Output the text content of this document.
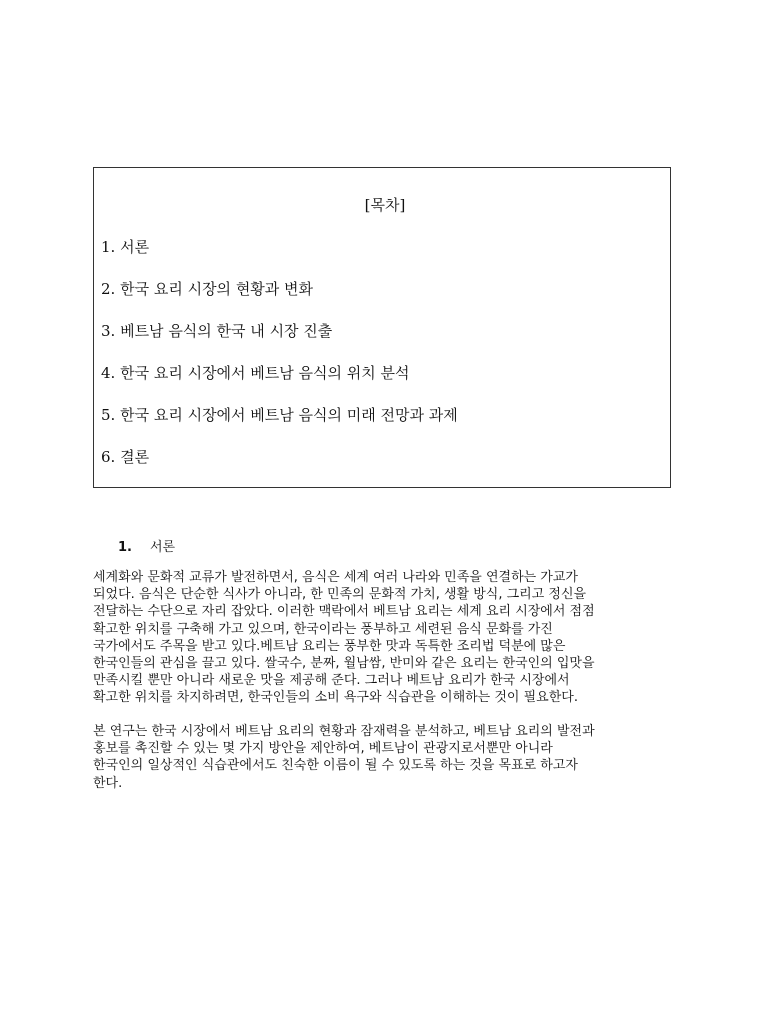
[목차]
1. 서론
2. 한국 요리 시장의 현황과 변화
3. 베트남 음식의 한국 내 시장 진출
4. 한국 요리 시장에서 베트남 음식의 위치 분석
5. 한국 요리 시장에서 베트남 음식의 미래 전망과 과제
6. 결론
1. 서론

세계화와 문화적 교류가 발전하면서, 음식은 세계 여러 나라와 민족을 연결하는 가교가
되었다. 음식은 단순한 식사가 아니라, 한 민족의 문화적 가치, 생활 방식, 그리고 정신을
전달하는 수단으로 자리 잡았다. 이러한 맥락에서 베트남 요리는 세계 요리 시장에서 점점
확고한 위치를 구축해 가고 있으며, 한국이라는 풍부하고 세련된 음식 문화를 가진
국가에서도 주목을 받고 있다.베트남 요리는 풍부한 맛과 독특한 조리법 덕분에 많은
한국인들의 관심을 끌고 있다. 쌀국수, 분짜, 월남쌈, 반미와 같은 요리는 한국인의 입맛을
만족시킬 뿐만 아니라 새로운 맛을 제공해 준다. 그러나 베트남 요리가 한국 시장에서
확고한 위치를 차지하려면, 한국인들의 소비 욕구와 식습관을 이해하는 것이 필요한다.

본 연구는 한국 시장에서 베트남 요리의 현황과 잠재력을 분석하고, 베트남 요리의 발전과
홍보를 촉진할 수 있는 몇 가지 방안을 제안하여, 베트남이 관광지로서뿐만 아니라
한국인의 일상적인 식습관에서도 친숙한 이름이 될 수 있도록 하는 것을 목표로 하고자
한다.
